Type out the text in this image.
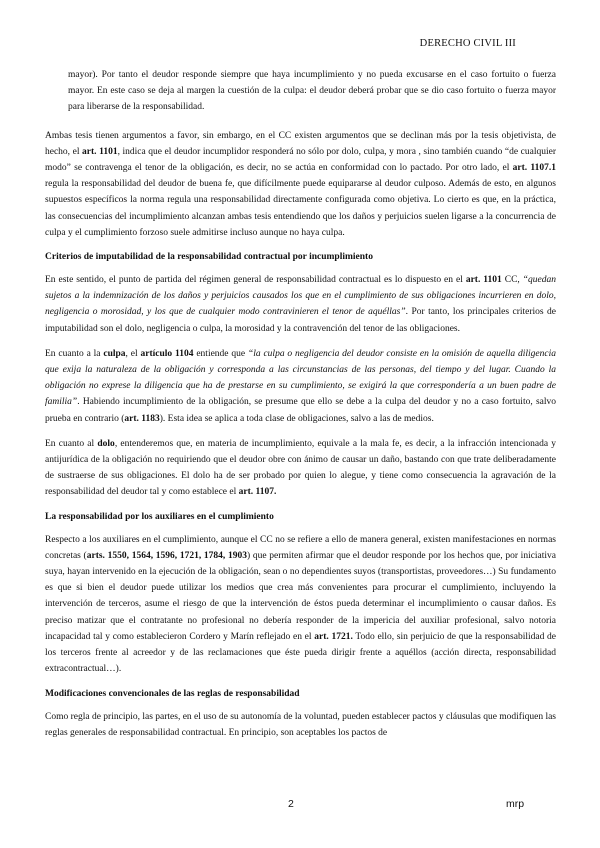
DERECHO CIVIL III

mayor). Por tanto el deudor responde siempre que haya incumplimiento y no pueda excusarse en el caso fortuito o fuerza mayor. En este caso se deja al margen la cuestión de la culpa: el deudor deberá probar que se dio caso fortuito o fuerza mayor para liberarse de la responsabilidad.

Ambas tesis tienen argumentos a favor, sin embargo, en el CC existen argumentos que se declinan más por la tesis objetivista, de hecho, el art. 1101, indica que el deudor incumplidor responderá no sólo por dolo, culpa, y mora , sino también cuando “de cualquier modo” se contravenga el tenor de la obligación, es decir, no se actúa en conformidad con lo pactado. Por otro lado, el art. 1107.1 regula la responsabilidad del deudor de buena fe, que difícilmente puede equipararse al deudor culposo. Además de esto, en algunos supuestos específicos la norma regula una responsabilidad directamente configurada como objetiva. Lo cierto es que, en la práctica, las consecuencias del incumplimiento alcanzan ambas tesis entendiendo que los daños y perjuicios suelen ligarse a la concurrencia de culpa y el cumplimiento forzoso suele admitirse incluso aunque no haya culpa.

Criterios de imputabilidad de la responsabilidad contractual por incumplimiento

En este sentido, el punto de partida del régimen general de responsabilidad contractual es lo dispuesto en el art. 1101 CC, “quedan sujetos a la indemnización de los daños y perjuicios causados los que en el cumplimiento de sus obligaciones incurrieren en dolo, negligencia o morosidad, y los que de cualquier modo contravinieren el tenor de aquéllas”. Por tanto, los principales criterios de imputabilidad son el dolo, negligencia o culpa, la morosidad y la contravención del tenor de las obligaciones.

En cuanto a la culpa, el artículo 1104 entiende que “la culpa o negligencia del deudor consiste en la omisión de aquella diligencia que exija la naturaleza de la obligación y corresponda a las circunstancias de las personas, del tiempo y del lugar. Cuando la obligación no exprese la diligencia que ha de prestarse en su cumplimiento, se exigirá la que correspondería a un buen padre de familia”. Habiendo incumplimiento de la obligación, se presume que ello se debe a la culpa del deudor y no a caso fortuito, salvo prueba en contrario (art. 1183). Esta idea se aplica a toda clase de obligaciones, salvo a las de medios.

En cuanto al dolo, entenderemos que, en materia de incumplimiento, equivale a la mala fe, es decir, a la infracción intencionada y antijurídica de la obligación no requiriendo que el deudor obre con ánimo de causar un daño, bastando con que trate deliberadamente de sustraerse de sus obligaciones. El dolo ha de ser probado por quien lo alegue, y tiene como consecuencia la agravación de la responsabilidad del deudor tal y como establece el art. 1107.

La responsabilidad por los auxiliares en el cumplimiento

Respecto a los auxiliares en el cumplimiento, aunque el CC no se refiere a ello de manera general, existen manifestaciones en normas concretas (arts. 1550, 1564, 1596, 1721, 1784, 1903) que permiten afirmar que el deudor responde por los hechos que, por iniciativa suya, hayan intervenido en la ejecución de la obligación, sean o no dependientes suyos (transportistas, proveedores…) Su fundamento es que si bien el deudor puede utilizar los medios que crea más convenientes para procurar el cumplimiento, incluyendo la intervención de terceros, asume el riesgo de que la intervención de éstos pueda determinar el incumplimiento o causar daños. Es preciso matizar que el contratante no profesional no debería responder de la impericia del auxiliar profesional, salvo notoria incapacidad tal y como establecieron Cordero y Marín reflejado en el art. 1721. Todo ello, sin perjuicio de que la responsabilidad de los terceros frente al acreedor y de las reclamaciones que éste pueda dirigir frente a aquéllos (acción directa, responsabilidad extracontractual…).

Modificaciones convencionales de las reglas de responsabilidad

Como regla de principio, las partes, en el uso de su autonomía de la voluntad, pueden establecer pactos y cláusulas que modifiquen las reglas generales de responsabilidad contractual. En principio, son aceptables los pactos de

2	mrp
